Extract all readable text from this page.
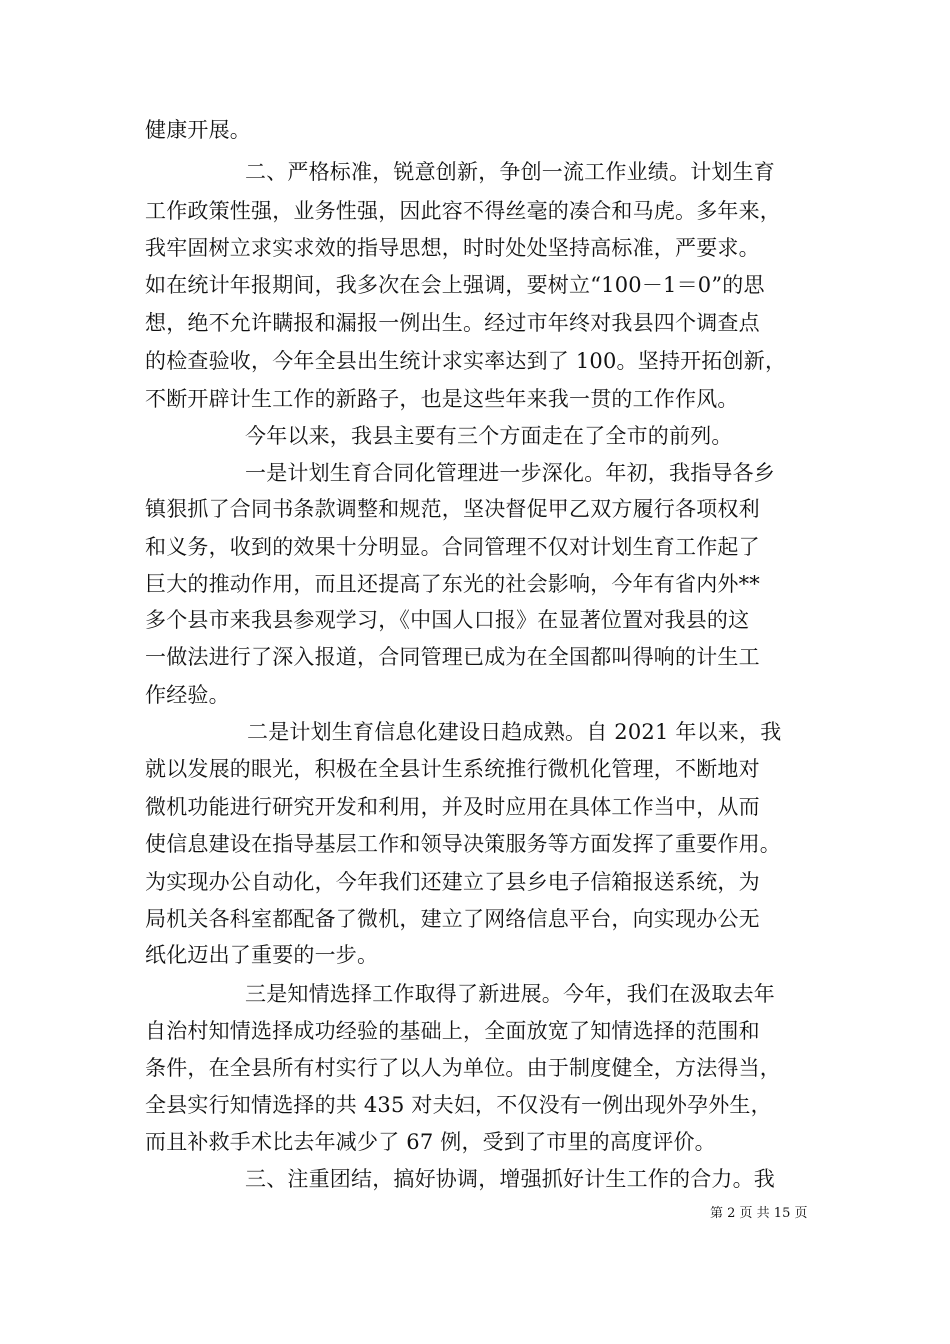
健康开展。
二、严格标准，锐意创新，争创一流工作业绩。计划生育
工作政策性强，业务性强，因此容不得丝毫的凑合和马虎。多年来，
我牢固树立求实求效的指导思想，时时处处坚持高标准，严要求。
如在统计年报期间，我多次在会上强调，要树立“100－1＝0”的思
想，绝不允许瞒报和漏报一例出生。经过市年终对我县四个调查点
的检查验收，今年全县出生统计求实率达到了 100。坚持开拓创新，
不断开辟计生工作的新路子，也是这些年来我一贯的工作作风。
今年以来，我县主要有三个方面走在了全市的前列。
一是计划生育合同化管理进一步深化。年初，我指导各乡
镇狠抓了合同书条款调整和规范，坚决督促甲乙双方履行各项权利
和义务，收到的效果十分明显。合同管理不仅对计划生育工作起了
巨大的推动作用，而且还提高了东光的社会影响，今年有省内外**
多个县市来我县参观学习，《中国人口报》在显著位置对我县的这
一做法进行了深入报道，合同管理已成为在全国都叫得响的计生工
作经验。
二是计划生育信息化建设日趋成熟。自 2021 年以来，我
就以发展的眼光，积极在全县计生系统推行微机化管理，不断地对
微机功能进行研究开发和利用，并及时应用在具体工作当中，从而
使信息建设在指导基层工作和领导决策服务等方面发挥了重要作用。
为实现办公自动化，今年我们还建立了县乡电子信箱报送系统，为
局机关各科室都配备了微机，建立了网络信息平台，向实现办公无
纸化迈出了重要的一步。
三是知情选择工作取得了新进展。今年，我们在汲取去年
自治村知情选择成功经验的基础上，全面放宽了知情选择的范围和
条件，在全县所有村实行了以人为单位。由于制度健全，方法得当，
全县实行知情选择的共 435 对夫妇，不仅没有一例出现外孕外生，
而且补救手术比去年减少了 67 例，受到了市里的高度评价。
三、注重团结，搞好协调，增强抓好计生工作的合力。我
第 2 页 共 15 页
